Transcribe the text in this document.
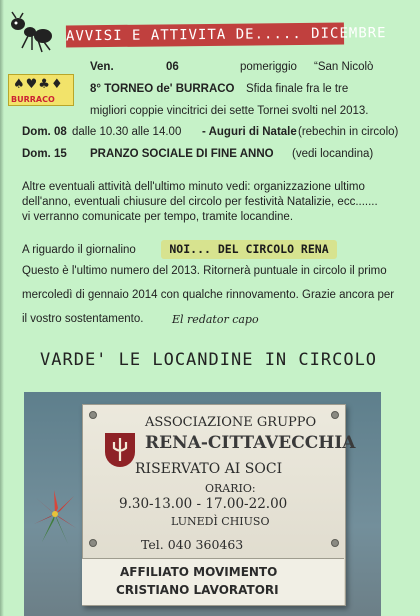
AVVISI E ATTIVITA DE..... DICEMBRE
♠♥♣♦
BURRACO
Ven.	06	pomeriggio “San Nicolò
8° TORNEO de' BURRACO Sfida finale fra le tre
migliori coppie vincitrici dei sette Tornei svolti nel 2013.
Dom. 08 dalle 10.30 alle 14.00 - Auguri di Natale (rebechin in circolo)
Dom. 15 PRANZO SOCIALE DI FINE ANNO (vedi locandina)
Altre eventuali attività dell'ultimo minuto vedi: organizzazione ultimo
dell'anno, eventuali chiusure del circolo per festività Natalizie, ecc.......
vi verranno comunicate per tempo, tramite locandine.
A riguardo il giornalino	NOI... DEL CIRCOLO RENA
Questo è l'ultimo numero del 2013. Ritornerà puntuale in circolo il primo
mercoledì di gennaio 2014 con qualche rinnovamento. Grazie ancora per
il vostro sostentamento.	El redator capo
VARDE' LE LOCANDINE IN CIRCOLO
ASSOCIAZIONE GRUPPO
RENA-CITTAVECCHIA
RISERVATO AI SOCI
ORARIO:
9.30-13.00 - 17.00-22.00
LUNEDÌ CHIUSO
Tel. 040 360463
AFFILIATO MOVIMENTO
CRISTIANO LAVORATORI
